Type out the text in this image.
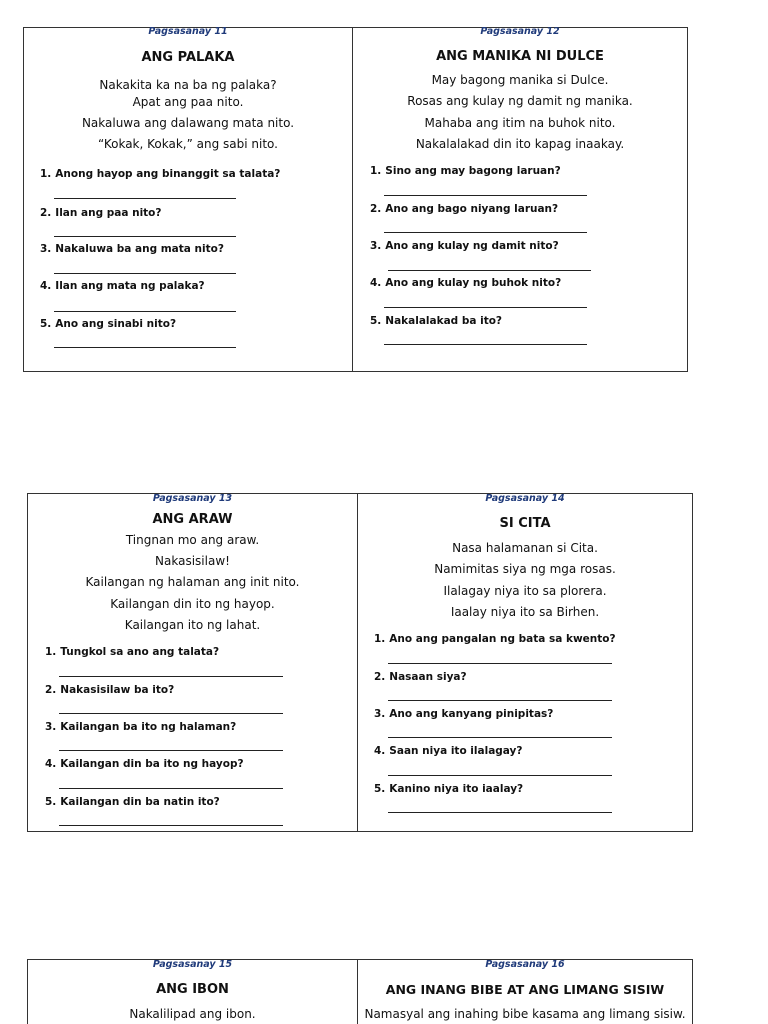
Pagsasanay 11
ANG PALAKA
Nakakita ka na ba ng palaka?
Apat ang paa nito.
Nakaluwa ang dalawang mata nito.
“Kokak, Kokak,” ang sabi nito.
1. Anong hayop ang binanggit sa talata?
2. Ilan ang paa nito?
3. Nakaluwa ba ang mata nito?
4. Ilan ang mata ng palaka?
5. Ano ang sinabi nito?
Pagsasanay 12
ANG MANIKA NI DULCE
May bagong manika si Dulce.
Rosas ang kulay ng damit ng manika.
Mahaba ang itim na buhok nito.
Nakalalakad din ito kapag inaakay.
1. Sino ang may bagong laruan?
2. Ano ang bago niyang laruan?
3. Ano ang kulay ng damit nito?
4. Ano ang kulay ng buhok nito?
5. Nakalalakad ba ito?
Pagsasanay 13
ANG ARAW
Tingnan mo ang araw.
Nakasisilaw!
Kailangan ng halaman ang init nito.
Kailangan din ito ng hayop.
Kailangan ito ng lahat.
1. Tungkol sa ano ang talata?
2. Nakasisilaw ba ito?
3. Kailangan ba ito ng halaman?
4. Kailangan din ba ito ng hayop?
5. Kailangan din ba natin ito?
Pagsasanay 14
SI CITA
Nasa halamanan si Cita.
Namimitas siya ng mga rosas.
Ilalagay niya ito sa plorera.
Iaalay niya ito sa Birhen.
1. Ano ang pangalan ng bata sa kwento?
2. Nasaan siya?
3. Ano ang kanyang pinipitas?
4. Saan niya ito ilalagay?
5. Kanino niya ito iaalay?
Pagsasanay 15
ANG IBON
Nakalilipad ang ibon.
Pagsasanay 16
ANG INANG BIBE AT ANG LIMANG SISIW
Namasyal ang inahing bibe kasama ang limang sisiw.
